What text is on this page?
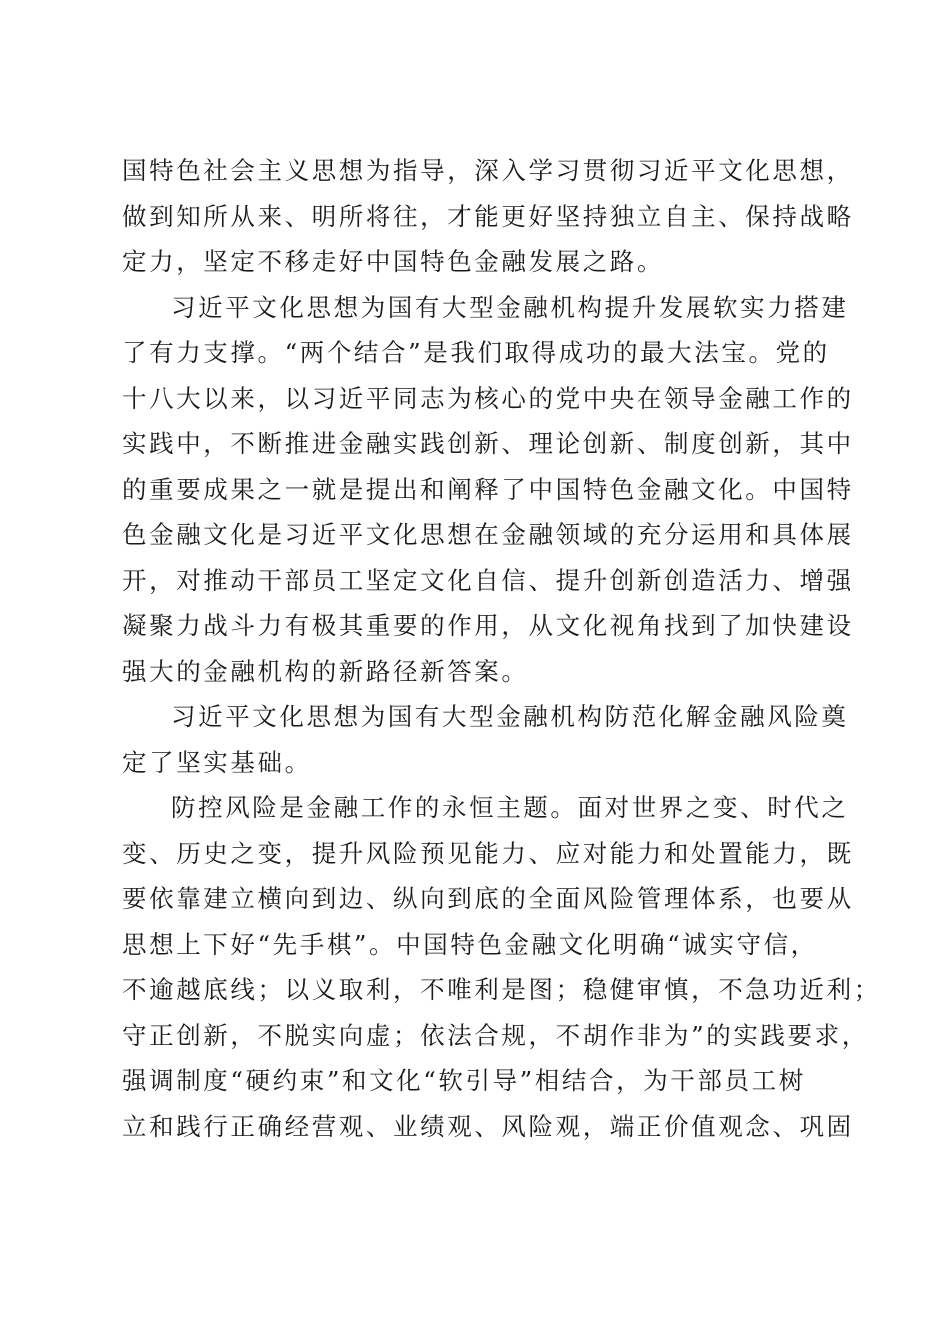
国特色社会主义思想为指导，深入学习贯彻习近平文化思想，
做到知所从来、明所将往，才能更好坚持独立自主、保持战略
定力，坚定不移走好中国特色金融发展之路。
习近平文化思想为国有大型金融机构提升发展软实力搭建
了有力支撑。“两个结合”是我们取得成功的最大法宝。党的
十八大以来，以习近平同志为核心的党中央在领导金融工作的
实践中，不断推进金融实践创新、理论创新、制度创新，其中
的重要成果之一就是提出和阐释了中国特色金融文化。中国特
色金融文化是习近平文化思想在金融领域的充分运用和具体展
开，对推动干部员工坚定文化自信、提升创新创造活力、增强
凝聚力战斗力有极其重要的作用，从文化视角找到了加快建设
强大的金融机构的新路径新答案。
习近平文化思想为国有大型金融机构防范化解金融风险奠
定了坚实基础。
防控风险是金融工作的永恒主题。面对世界之变、时代之
变、历史之变，提升风险预见能力、应对能力和处置能力，既
要依靠建立横向到边、纵向到底的全面风险管理体系，也要从
思想上下好“先手棋”。中国特色金融文化明确“诚实守信，
不逾越底线；以义取利，不唯利是图；稳健审慎，不急功近利；
守正创新，不脱实向虚；依法合规，不胡作非为”的实践要求，
强调制度“硬约束”和文化“软引导”相结合，为干部员工树
立和践行正确经营观、业绩观、风险观，端正价值观念、巩固
